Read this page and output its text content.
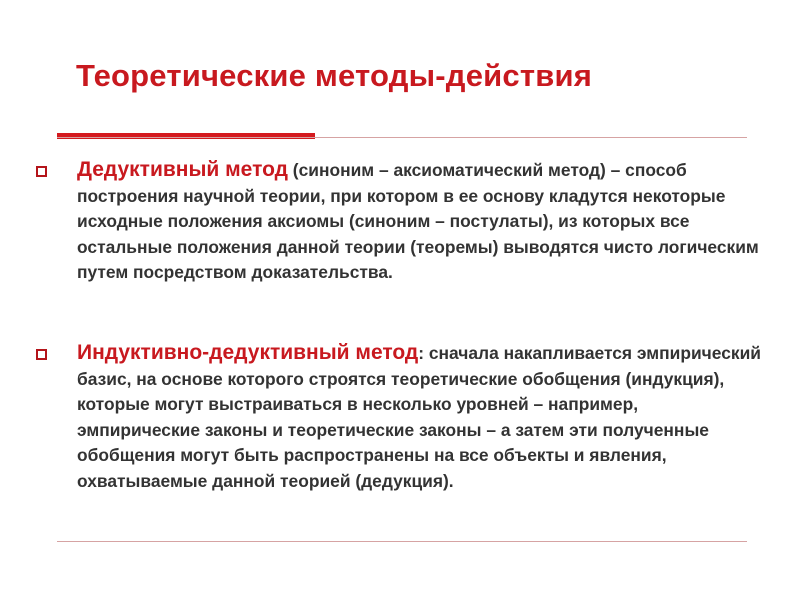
Теоретические методы-действия

Дедуктивный метод (синоним – аксиоматический метод) – способ построения научной теории, при котором в ее основу кладутся некоторые исходные положения аксиомы (синоним – постулаты), из которых все остальные положения данной теории (теоремы) выводятся чисто логическим путем посредством доказательства.

Индуктивно-дедуктивный метод: сначала накапливается эмпирический базис, на основе которого строятся теоретические обобщения (индукция), которые могут выстраиваться в несколько уровней – например, эмпирические законы и теоретические законы – а затем эти полученные обобщения могут быть распространены на все объекты и явления, охватываемые данной теорией (дедукция).
